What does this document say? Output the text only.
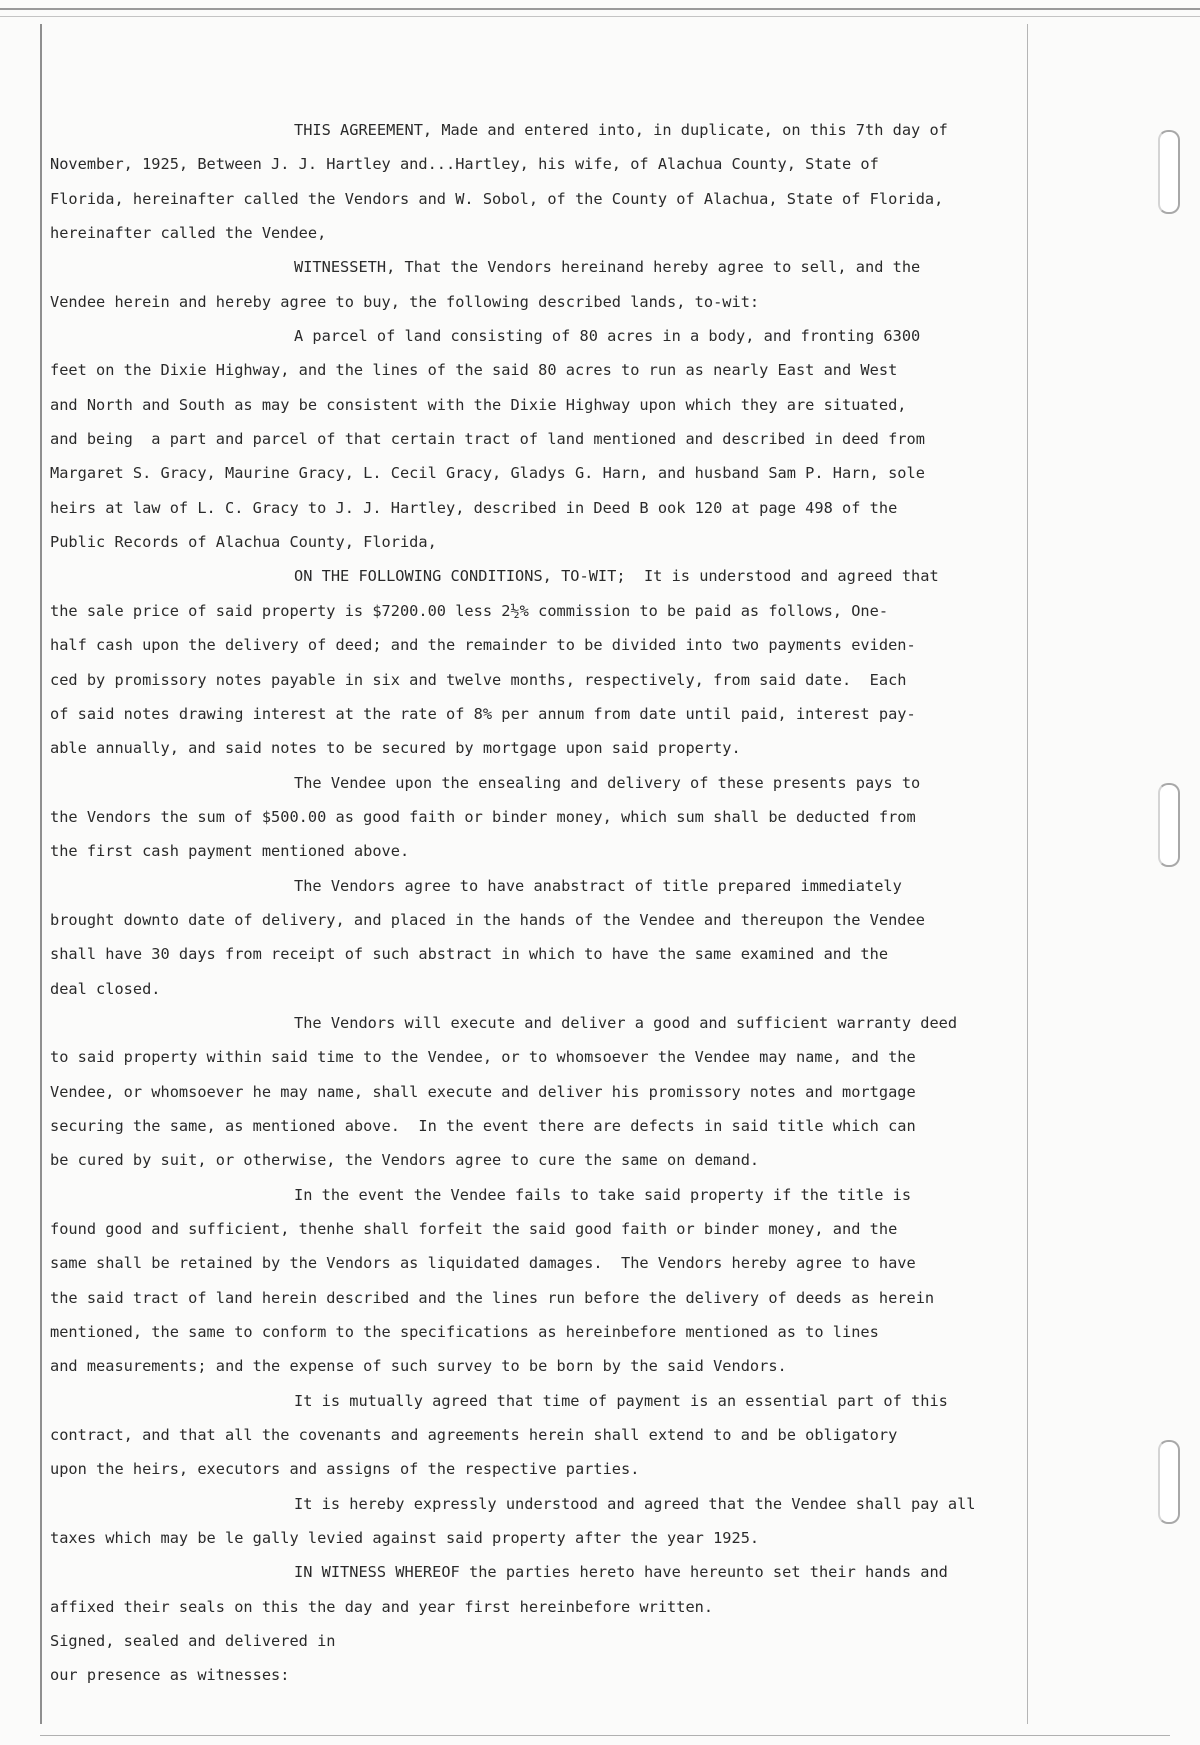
THIS AGREEMENT, Made and entered into, in duplicate, on this 7th day of
November, 1925, Between J. J. Hartley and...Hartley, his wife, of Alachua County, State of
Florida, hereinafter called the Vendors and W. Sobol, of the County of Alachua, State of Florida,
hereinafter called the Vendee,
WITNESSETH, That the Vendors hereinand hereby agree to sell, and the
Vendee herein and hereby agree to buy, the following described lands, to-wit:
A parcel of land consisting of 80 acres in a body, and fronting 6300
feet on the Dixie Highway, and the lines of the said 80 acres to run as nearly East and West
and North and South as may be consistent with the Dixie Highway upon which they are situated,
and being  a part and parcel of that certain tract of land mentioned and described in deed from
Margaret S. Gracy, Maurine Gracy, L. Cecil Gracy, Gladys G. Harn, and husband Sam P. Harn, sole
heirs at law of L. C. Gracy to J. J. Hartley, described in Deed B ook 120 at page 498 of the
Public Records of Alachua County, Florida,
ON THE FOLLOWING CONDITIONS, TO-WIT;  It is understood and agreed that
the sale price of said property is $7200.00 less 2½% commission to be paid as follows, One-
half cash upon the delivery of deed; and the remainder to be divided into two payments eviden-
ced by promissory notes payable in six and twelve months, respectively, from said date.  Each
of said notes drawing interest at the rate of 8% per annum from date until paid, interest pay-
able annually, and said notes to be secured by mortgage upon said property.
The Vendee upon the ensealing and delivery of these presents pays to
the Vendors the sum of $500.00 as good faith or binder money, which sum shall be deducted from
the first cash payment mentioned above.
The Vendors agree to have anabstract of title prepared immediately
brought downto date of delivery, and placed in the hands of the Vendee and thereupon the Vendee
shall have 30 days from receipt of such abstract in which to have the same examined and the
deal closed.
The Vendors will execute and deliver a good and sufficient warranty deed
to said property within said time to the Vendee, or to whomsoever the Vendee may name, and the
Vendee, or whomsoever he may name, shall execute and deliver his promissory notes and mortgage
securing the same, as mentioned above.  In the event there are defects in said title which can
be cured by suit, or otherwise, the Vendors agree to cure the same on demand.
In the event the Vendee fails to take said property if the title is
found good and sufficient, thenhe shall forfeit the said good faith or binder money, and the
same shall be retained by the Vendors as liquidated damages.  The Vendors hereby agree to have
the said tract of land herein described and the lines run before the delivery of deeds as herein
mentioned, the same to conform to the specifications as hereinbefore mentioned as to lines
and measurements; and the expense of such survey to be born by the said Vendors.
It is mutually agreed that time of payment is an essential part of this
contract, and that all the covenants and agreements herein shall extend to and be obligatory
upon the heirs, executors and assigns of the respective parties.
It is hereby expressly understood and agreed that the Vendee shall pay all
taxes which may be le gally levied against said property after the year 1925.
IN WITNESS WHEREOF the parties hereto have hereunto set their hands and
affixed their seals on this the day and year first hereinbefore written.
Signed, sealed and delivered in
our presence as witnesses:
